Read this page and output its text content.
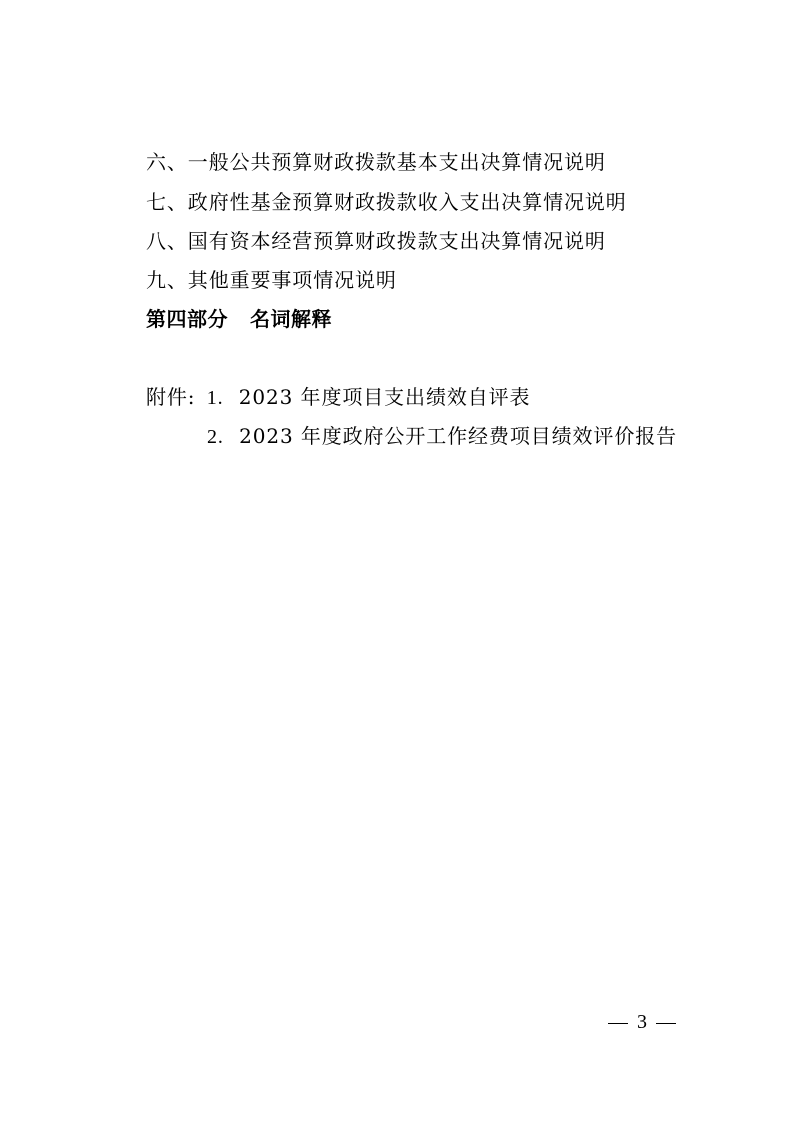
六、一般公共预算财政拨款基本支出决算情况说明
七、政府性基金预算财政拨款收入支出决算情况说明
八、国有资本经营预算财政拨款支出决算情况说明
九、其他重要事项情况说明
第四部分 名词解释
附件: 1. 2023 年度项目支出绩效自评表
2. 2023 年度政府公开工作经费项目绩效评价报告
3
